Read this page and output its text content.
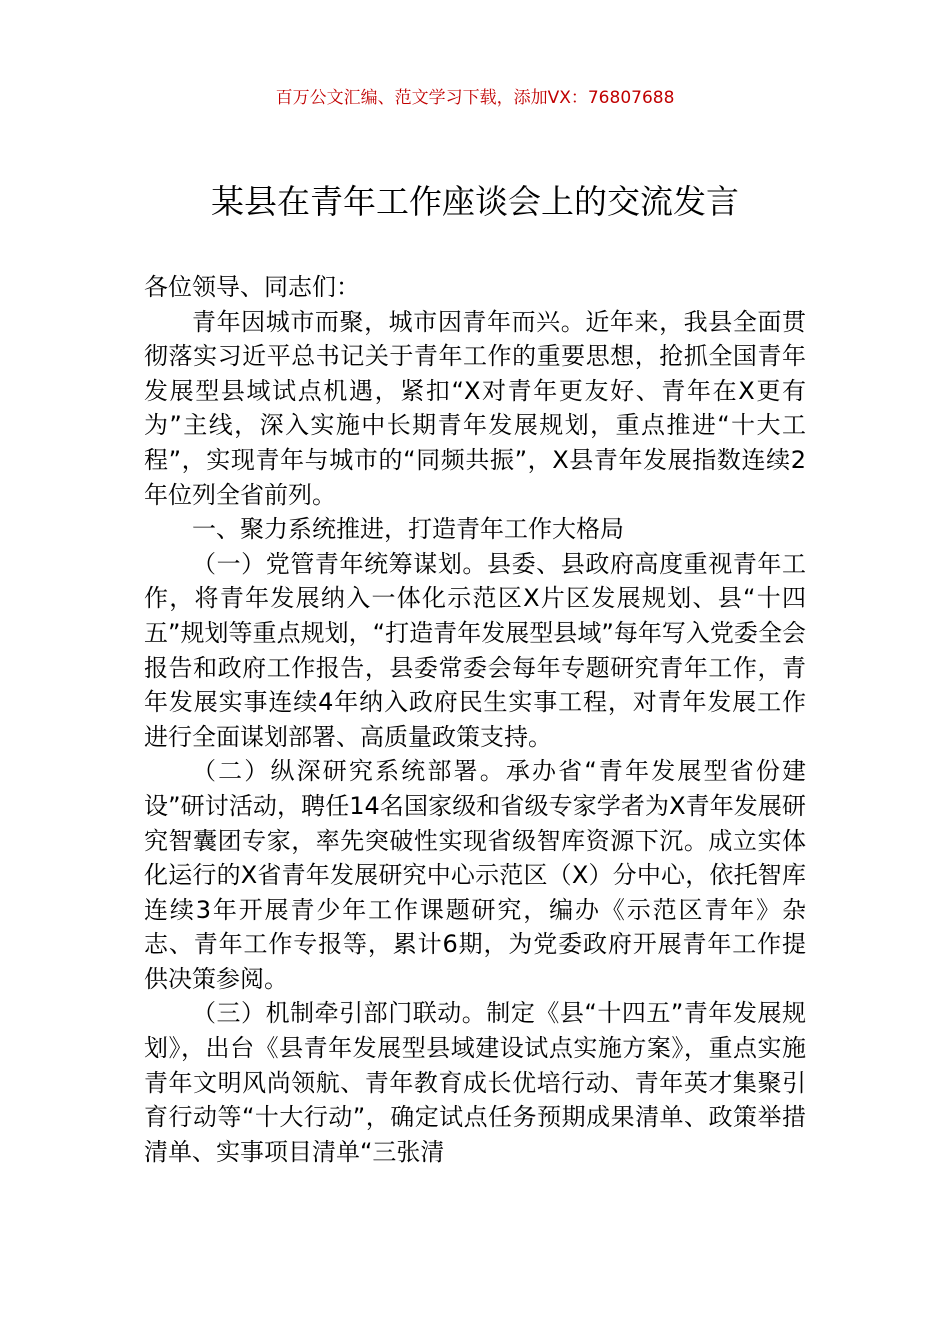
百万公文汇编、范文学习下载，添加VX：76807688
某县在青年工作座谈会上的交流发言

各位领导、同志们：

青年因城市而聚，城市因青年而兴。近年来，我县全面贯彻落实习近平总书记关于青年工作的重要思想，抢抓全国青年发展型县域试点机遇，紧扣“X对青年更友好、青年在X更有为”主线，深入实施中长期青年发展规划，重点推进“十大工程”，实现青年与城市的“同频共振”，X县青年发展指数连续2年位列全省前列。

一、聚力系统推进，打造青年工作大格局

（一）党管青年统筹谋划。县委、县政府高度重视青年工作，将青年发展纳入一体化示范区X片区发展规划、县“十四五”规划等重点规划，“打造青年发展型县域”每年写入党委全会报告和政府工作报告，县委常委会每年专题研究青年工作，青年发展实事连续4年纳入政府民生实事工程，对青年发展工作进行全面谋划部署、高质量政策支持。

（二）纵深研究系统部署。承办省“青年发展型省份建设”研讨活动，聘任14名国家级和省级专家学者为X青年发展研究智囊团专家，率先突破性实现省级智库资源下沉。成立实体化运行的X省青年发展研究中心示范区（X）分中心，依托智库连续3年开展青少年工作课题研究，编办《示范区青年》杂志、青年工作专报等，累计6期，为党委政府开展青年工作提供决策参阅。

（三）机制牵引部门联动。制定《县“十四五”青年发展规划》，出台《县青年发展型县域建设试点实施方案》，重点实施青年文明风尚领航、青年教育成长优培行动、青年英才集聚引育行动等“十大行动”，确定试点任务预期成果清单、政策举措清单、实事项目清单“三张清
